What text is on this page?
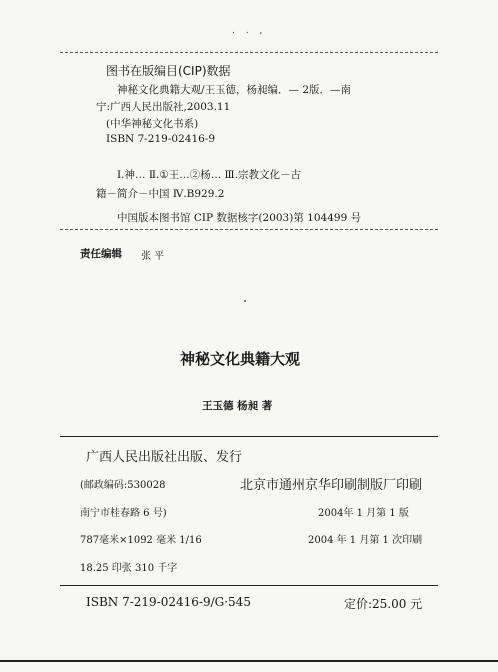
. . ,
图书在版编目(CIP)数据
神秘文化典籍大观/王玉德，杨昶编．— 2版．—南
宁:广西人民出版社,2003.11
(中华神秘文化书系)
ISBN 7-219-02416-9
Ⅰ.神… Ⅱ.①王…②杨… Ⅲ.宗教文化－古
籍－简介－中国 Ⅳ.B929.2
中国版本图书馆 CIP 数据核字(2003)第 104499 号
责任编辑 张 平
神秘文化典籍大观
王玉德 杨昶 著
广西人民出版社出版、发行
(邮政编码:530028
南宁市桂春路 6 号)
787毫米×1092 毫米 1/16
18.25 印张 310 千字
北京市通州京华印刷制版厂印刷
2004年 1 月第 1 版
2004 年 1 月第 1 次印刷
ISBN 7-219-02416-9/G·545	定价:25.00 元
